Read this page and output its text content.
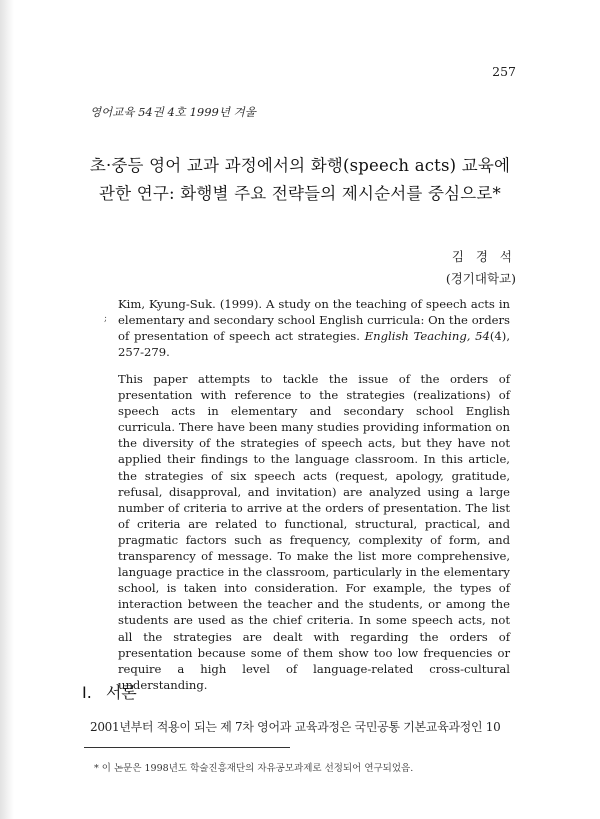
257
영어교육 54권 4호 1999년 겨울
초·중등 영어 교과 과정에서의 화행(speech acts) 교육에
관한 연구: 화행별 주요 전략들의 제시순서를 중심으로*
김 경 석
(경기대학교)
;
Kim, Kyung-Suk. (1999). A study on the teaching of speech acts in elementary and secondary school English curricula: On the orders of presentation of speech act strategies. English Teaching, 54(4), 257-279.
This paper attempts to tackle the issue of the orders of presentation with reference to the strategies (realizations) of speech acts in elementary and secondary school English curricula. There have been many studies providing information on the diversity of the strategies of speech acts, but they have not applied their findings to the language classroom. In this article, the strategies of six speech acts (request, apology, gratitude, refusal, disapproval, and invitation) are analyzed using a large number of criteria to arrive at the orders of presentation. The list of criteria are related to functional, structural, practical, and pragmatic factors such as frequency, complexity of form, and transparency of message. To make the list more comprehensive, language practice in the classroom, particularly in the elementary school, is taken into consideration. For example, the types of interaction between the teacher and the students, or among the students are used as the chief criteria. In some speech acts, not all the strategies are dealt with regarding the orders of presentation because some of them show too low frequencies or require a high level of language-related cross-cultural understanding.
I. 서론
2001년부터 적용이 되는 제 7차 영어과 교육과정은 국민공통 기본교육과정인 10
* 이 논문은 1998년도 학술진흥재단의 자유공모과제로 선정되어 연구되었음.
